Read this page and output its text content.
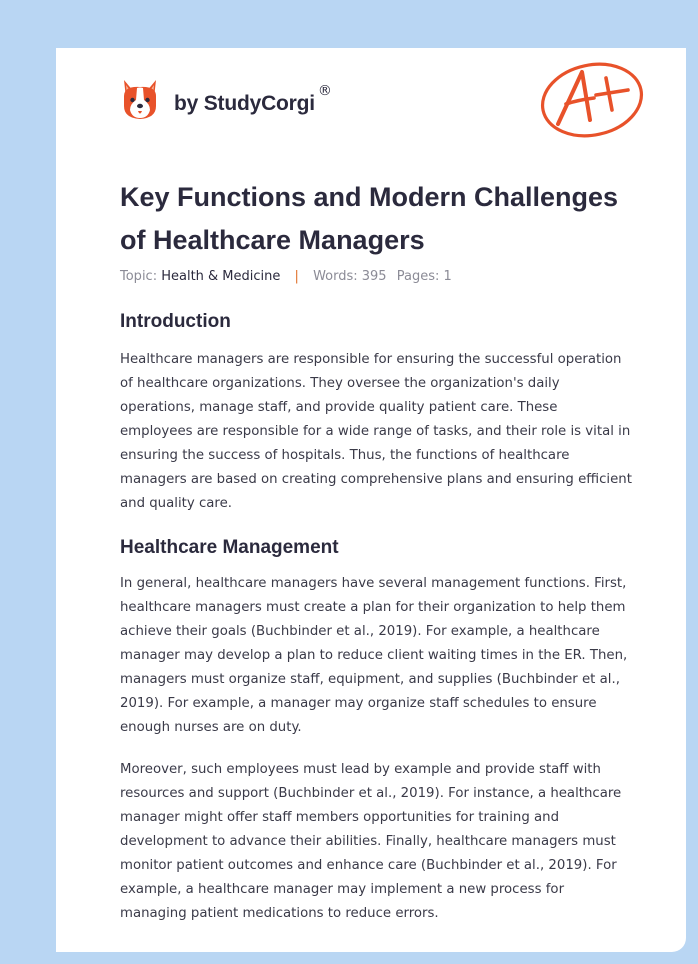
by StudyCorgi
®
Key Functions and Modern Challenges of Healthcare Managers
Topic: Health & Medicine | Words: 395 Pages: 1
Introduction

Healthcare managers are responsible for ensuring the successful operation of healthcare organizations. They oversee the organization's daily operations, manage staff, and provide quality patient care. These employees are responsible for a wide range of tasks, and their role is vital in ensuring the success of hospitals. Thus, the functions of healthcare managers are based on creating comprehensive plans and ensuring efficient and quality care.

Healthcare Management

In general, healthcare managers have several management functions. First, healthcare managers must create a plan for their organization to help them achieve their goals (Buchbinder et al., 2019). For example, a healthcare manager may develop a plan to reduce client waiting times in the ER. Then, managers must organize staff, equipment, and supplies (Buchbinder et al., 2019). For example, a manager may organize staff schedules to ensure enough nurses are on duty.

Moreover, such employees must lead by example and provide staff with resources and support (Buchbinder et al., 2019). For instance, a healthcare manager might offer staff members opportunities for training and development to advance their abilities. Finally, healthcare managers must monitor patient outcomes and enhance care (Buchbinder et al., 2019). For example, a healthcare manager may implement a new process for managing patient medications to reduce errors.
